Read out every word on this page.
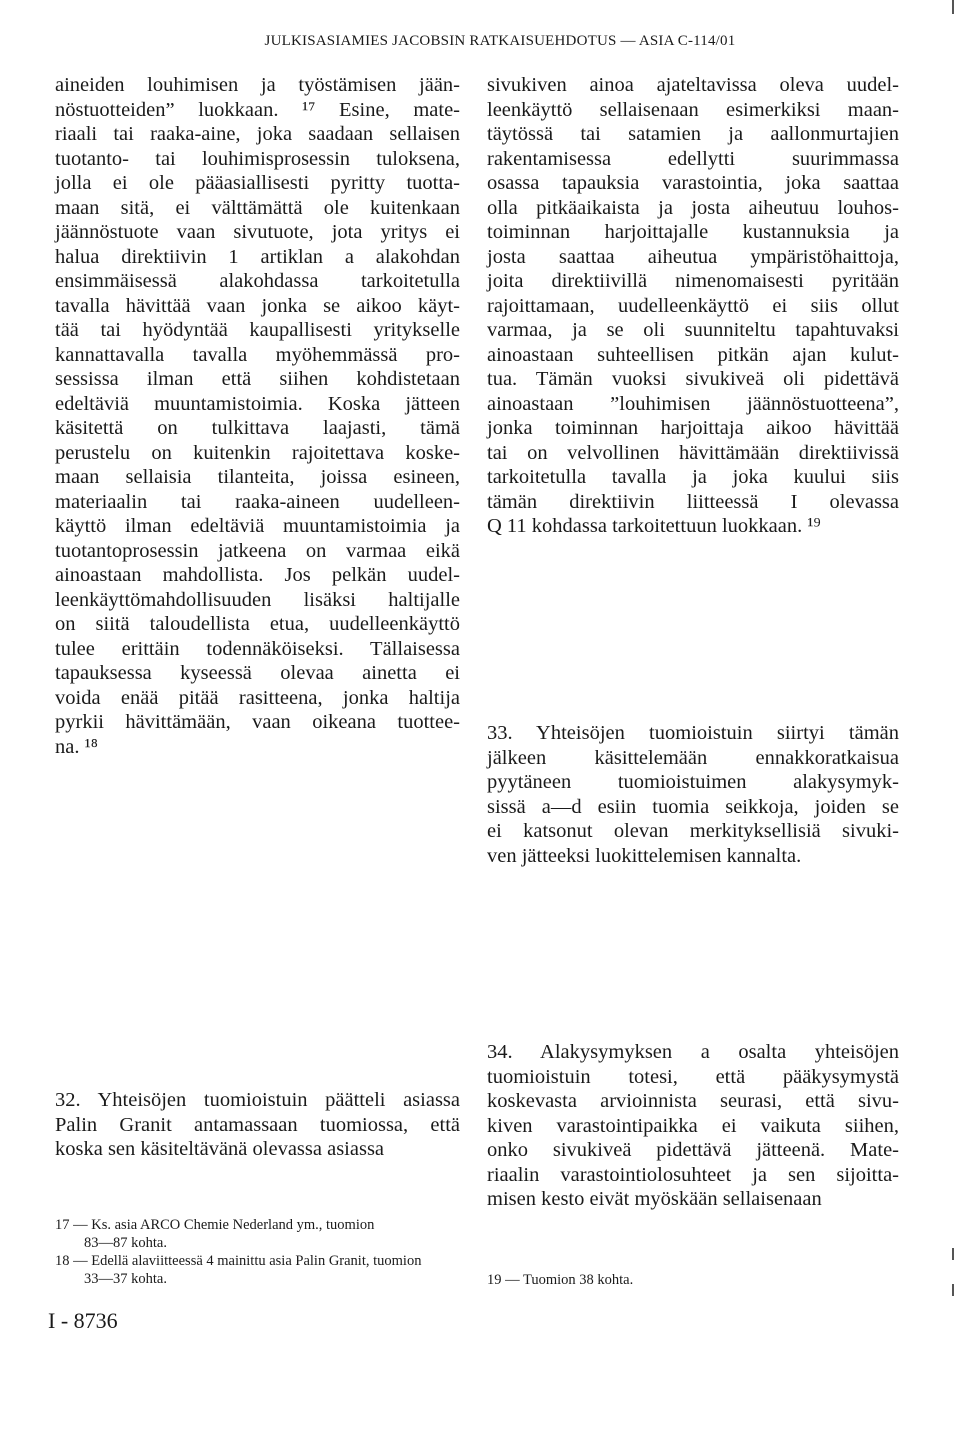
JULKISASIAMIES JACOBSIN RATKAISUEHDOTUS — ASIA C-114/01
aineiden louhimisen ja työstämisen jään-
nöstuotteiden” luokkaan. ¹⁷ Esine, mate-
riaali tai raaka-aine, joka saadaan sellaisen
tuotanto- tai louhimisprosessin tuloksena,
jolla ei ole pääasiallisesti pyritty tuotta-
maan sitä, ei välttämättä ole kuitenkaan
jäännöstuote vaan sivutuote, jota yritys ei
halua direktiivin 1 artiklan a alakohdan
ensimmäisessä alakohdassa tarkoitetulla
tavalla hävittää vaan jonka se aikoo käyt-
tää tai hyödyntää kaupallisesti yritykselle
kannattavalla tavalla myöhemmässä pro-
sessissa ilman että siihen kohdistetaan
edeltäviä muuntamistoimia. Koska jätteen
käsitettä on tulkittava laajasti, tämä
perustelu on kuitenkin rajoitettava koske-
maan sellaisia tilanteita, joissa esineen,
materiaalin tai raaka-aineen uudelleen-
käyttö ilman edeltäviä muuntamistoimia ja
tuotantoprosessin jatkeena on varmaa eikä
ainoastaan mahdollista. Jos pelkän uudel-
leenkäyttömahdollisuuden lisäksi haltijalle
on siitä taloudellista etua, uudelleenkäyttö
tulee erittäin todennäköiseksi. Tällaisessa
tapauksessa kyseessä olevaa ainetta ei
voida enää pitää rasitteena, jonka haltija
pyrkii hävittämään, vaan oikeana tuottee-
na. ¹⁸
sivukiven ainoa ajateltavissa oleva uudel-
leenkäyttö sellaisenaan esimerkiksi maan-
täytössä tai satamien ja aallonmurtajien
rakentamisessa edellytti suurimmassa
osassa tapauksia varastointia, joka saattaa
olla pitkäaikaista ja josta aiheutuu louhos-
toiminnan harjoittajalle kustannuksia ja
josta saattaa aiheutua ympäristöhaittoja,
joita direktiivillä nimenomaisesti pyritään
rajoittamaan, uudelleenkäyttö ei siis ollut
varmaa, ja se oli suunniteltu tapahtuvaksi
ainoastaan suhteellisen pitkän ajan kulut-
tua. Tämän vuoksi sivukiveä oli pidettävä
ainoastaan ”louhimisen jäännöstuotteena”,
jonka toiminnan harjoittaja aikoo hävittää
tai on velvollinen hävittämään direktiivissä
tarkoitetulla tavalla ja joka kuului siis
tämän direktiivin liitteessä I olevassa
Q 11 kohdassa tarkoitettuun luokkaan. ¹⁹
33. Yhteisöjen tuomioistuin siirtyi tämän
jälkeen käsittelemään ennakkoratkaisua
pyytäneen tuomioistuimen alakysymyk-
sissä a—d esiin tuomia seikkoja, joiden se
ei katsonut olevan merkityksellisiä sivuki-
ven jätteeksi luokittelemisen kannalta.
32. Yhteisöjen tuomioistuin päätteli asiassa
Palin Granit antamassaan tuomiossa, että
koska sen käsiteltävänä olevassa asiassa
34. Alakysymyksen a osalta yhteisöjen
tuomioistuin totesi, että pääkysymystä
koskevasta arvioinnista seurasi, että sivu-
kiven varastointipaikka ei vaikuta siihen,
onko sivukiveä pidettävä jätteenä. Mate-
riaalin varastointiolosuhteet ja sen sijoitta-
misen kesto eivät myöskään sellaisenaan
17 — Ks. asia ARCO Chemie Nederland ym., tuomion
83—87 kohta.
18 — Edellä alaviitteessä 4 mainittu asia Palin Granit, tuomion
33—37 kohta.	19 — Tuomion 38 kohta.
I - 8736
